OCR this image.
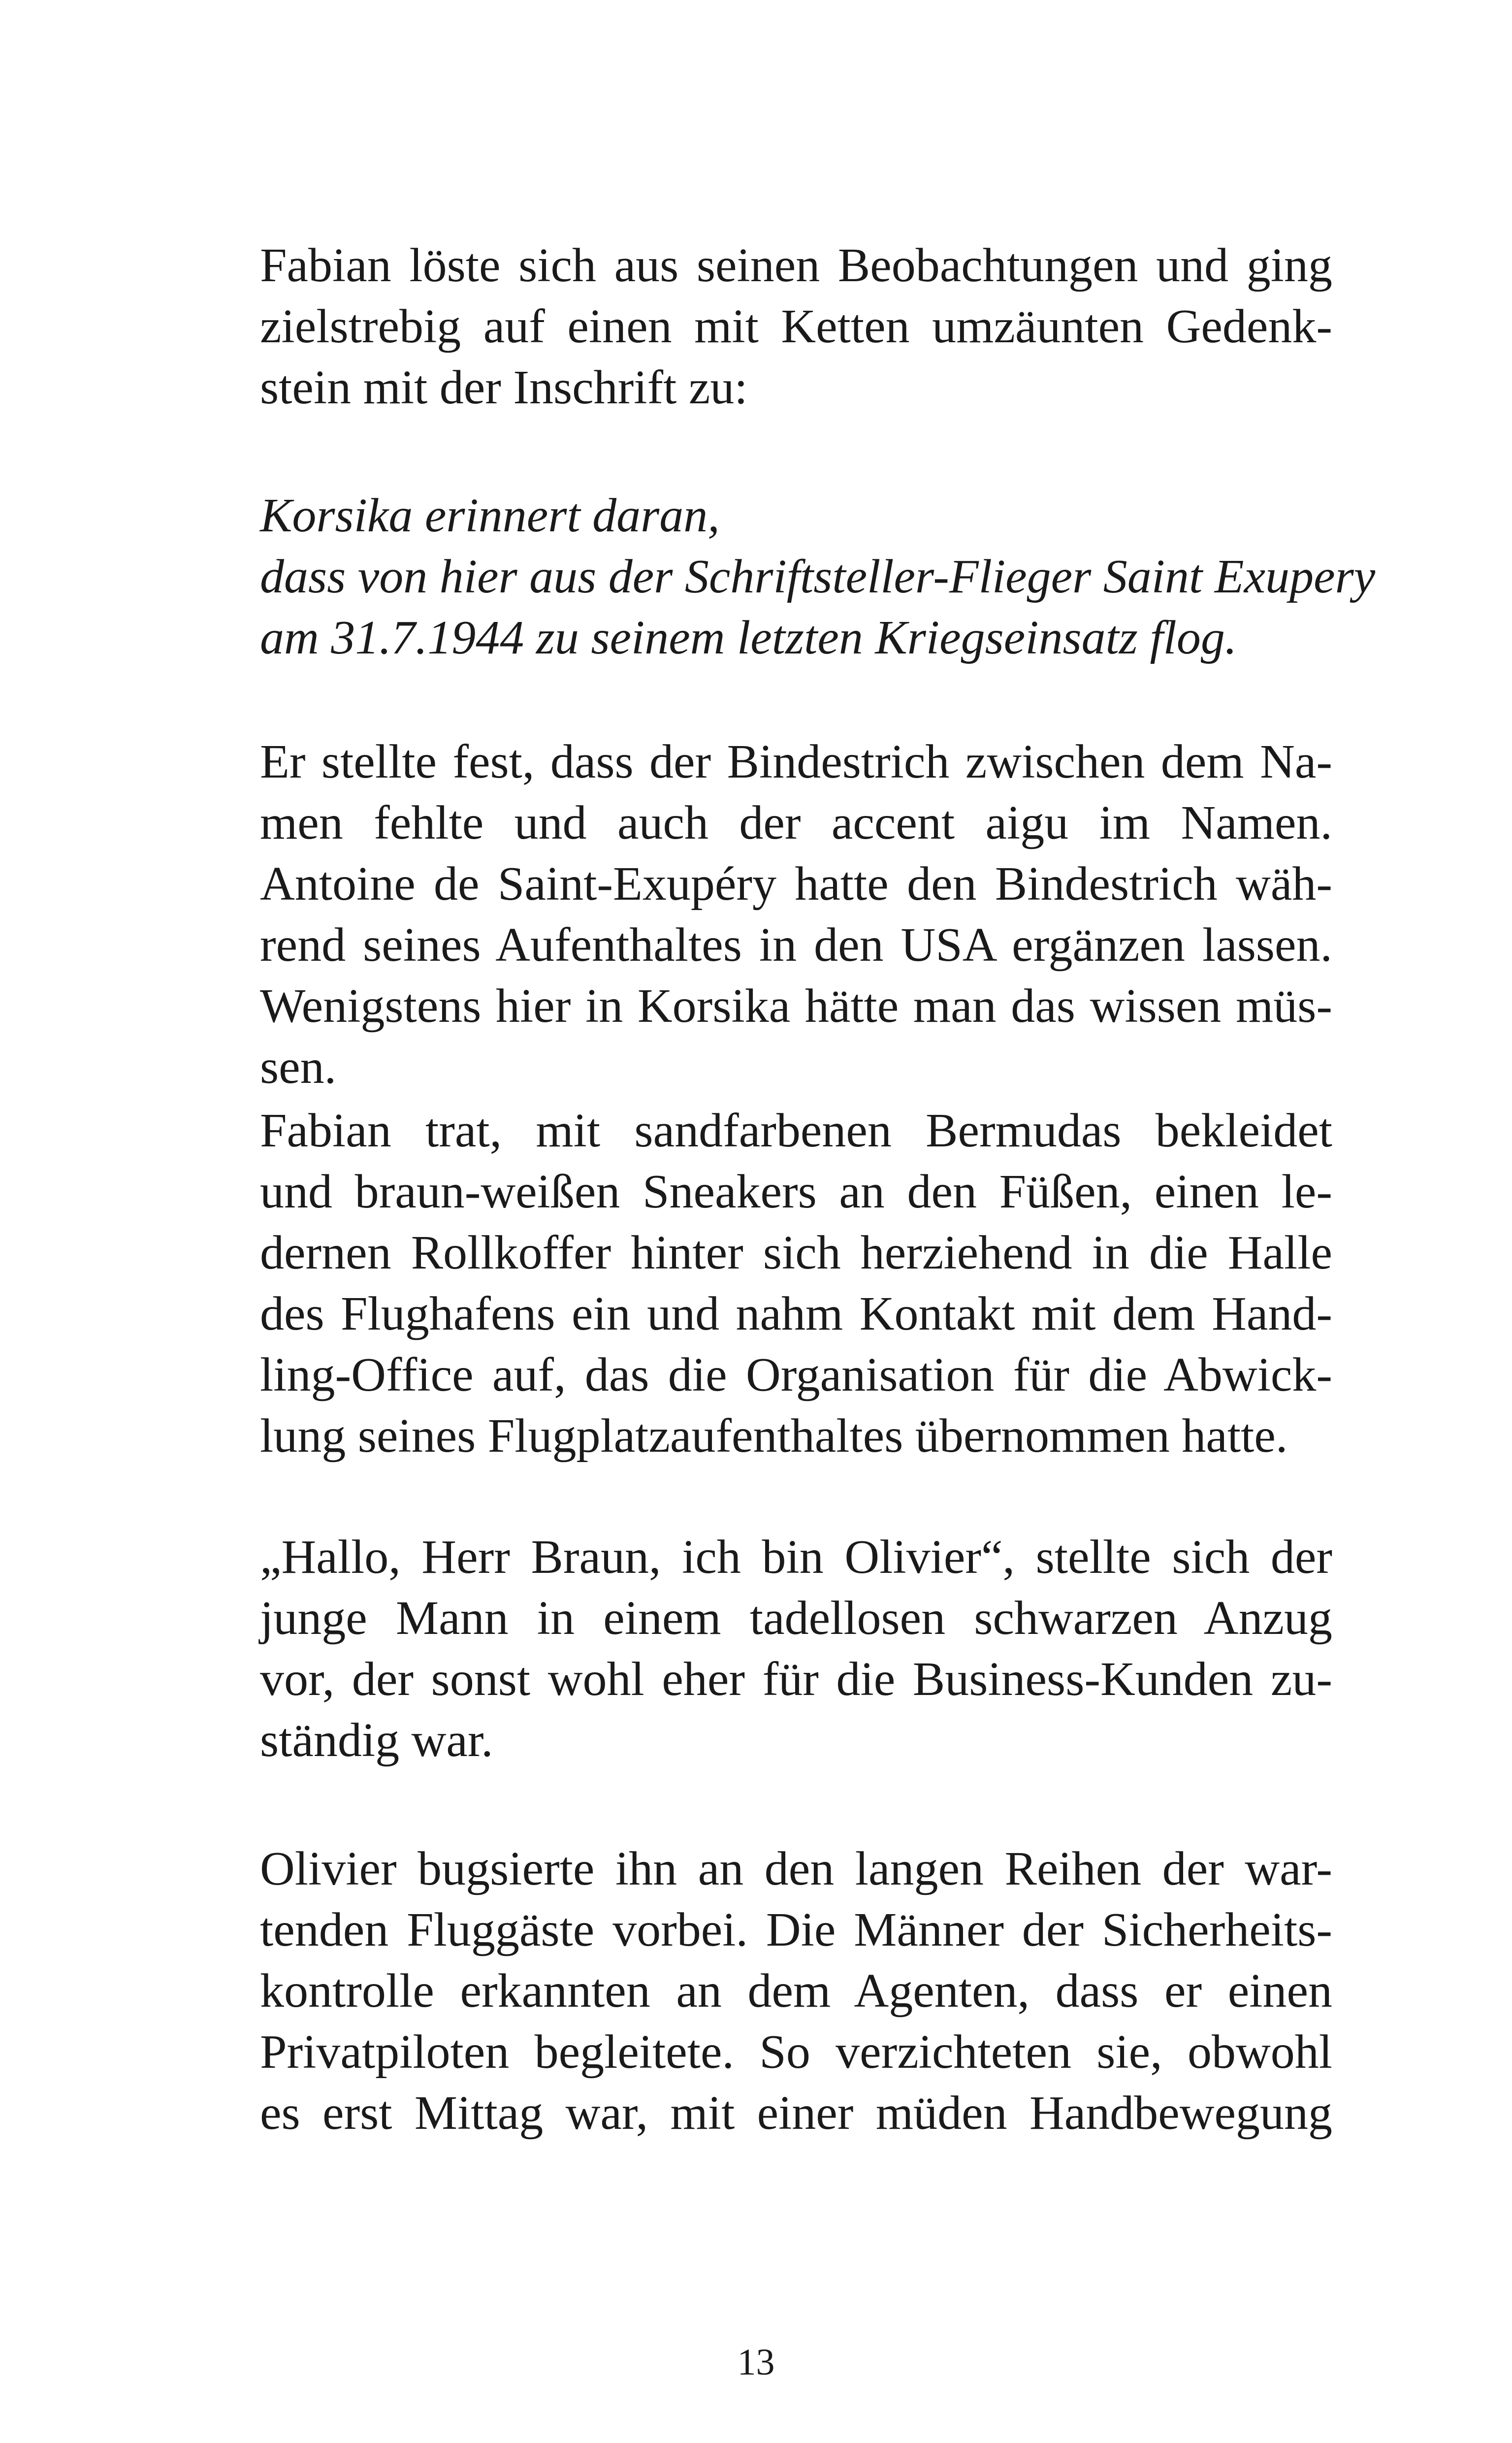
Fabian löste sich aus seinen Beobachtungen und ging
zielstrebig auf einen mit Ketten umzäunten Gedenk-
stein mit der Inschrift zu:
Korsika erinnert daran,
dass von hier aus der Schriftsteller-Flieger Saint Exupery
am 31.7.1944 zu seinem letzten Kriegseinsatz flog.
Er stellte fest, dass der Bindestrich zwischen dem Na-
men fehlte und auch der accent aigu im Namen.
Antoine de Saint-Exupéry hatte den Bindestrich wäh-
rend seines Aufenthaltes in den USA ergänzen lassen.
Wenigstens hier in Korsika hätte man das wissen müs-
sen.
Fabian trat, mit sandfarbenen Bermudas bekleidet
und braun-weißen Sneakers an den Füßen, einen le-
dernen Rollkoffer hinter sich herziehend in die Halle
des Flughafens ein und nahm Kontakt mit dem Hand-
ling-Office auf, das die Organisation für die Abwick-
lung seines Flugplatzaufenthaltes übernommen hatte.
„Hallo, Herr Braun, ich bin Olivier“, stellte sich der
junge Mann in einem tadellosen schwarzen Anzug
vor, der sonst wohl eher für die Business-Kunden zu-
ständig war.
Olivier bugsierte ihn an den langen Reihen der war-
tenden Fluggäste vorbei. Die Männer der Sicherheits-
kontrolle erkannten an dem Agenten, dass er einen
Privatpiloten begleitete. So verzichteten sie, obwohl
es erst Mittag war, mit einer müden Handbewegung
13
